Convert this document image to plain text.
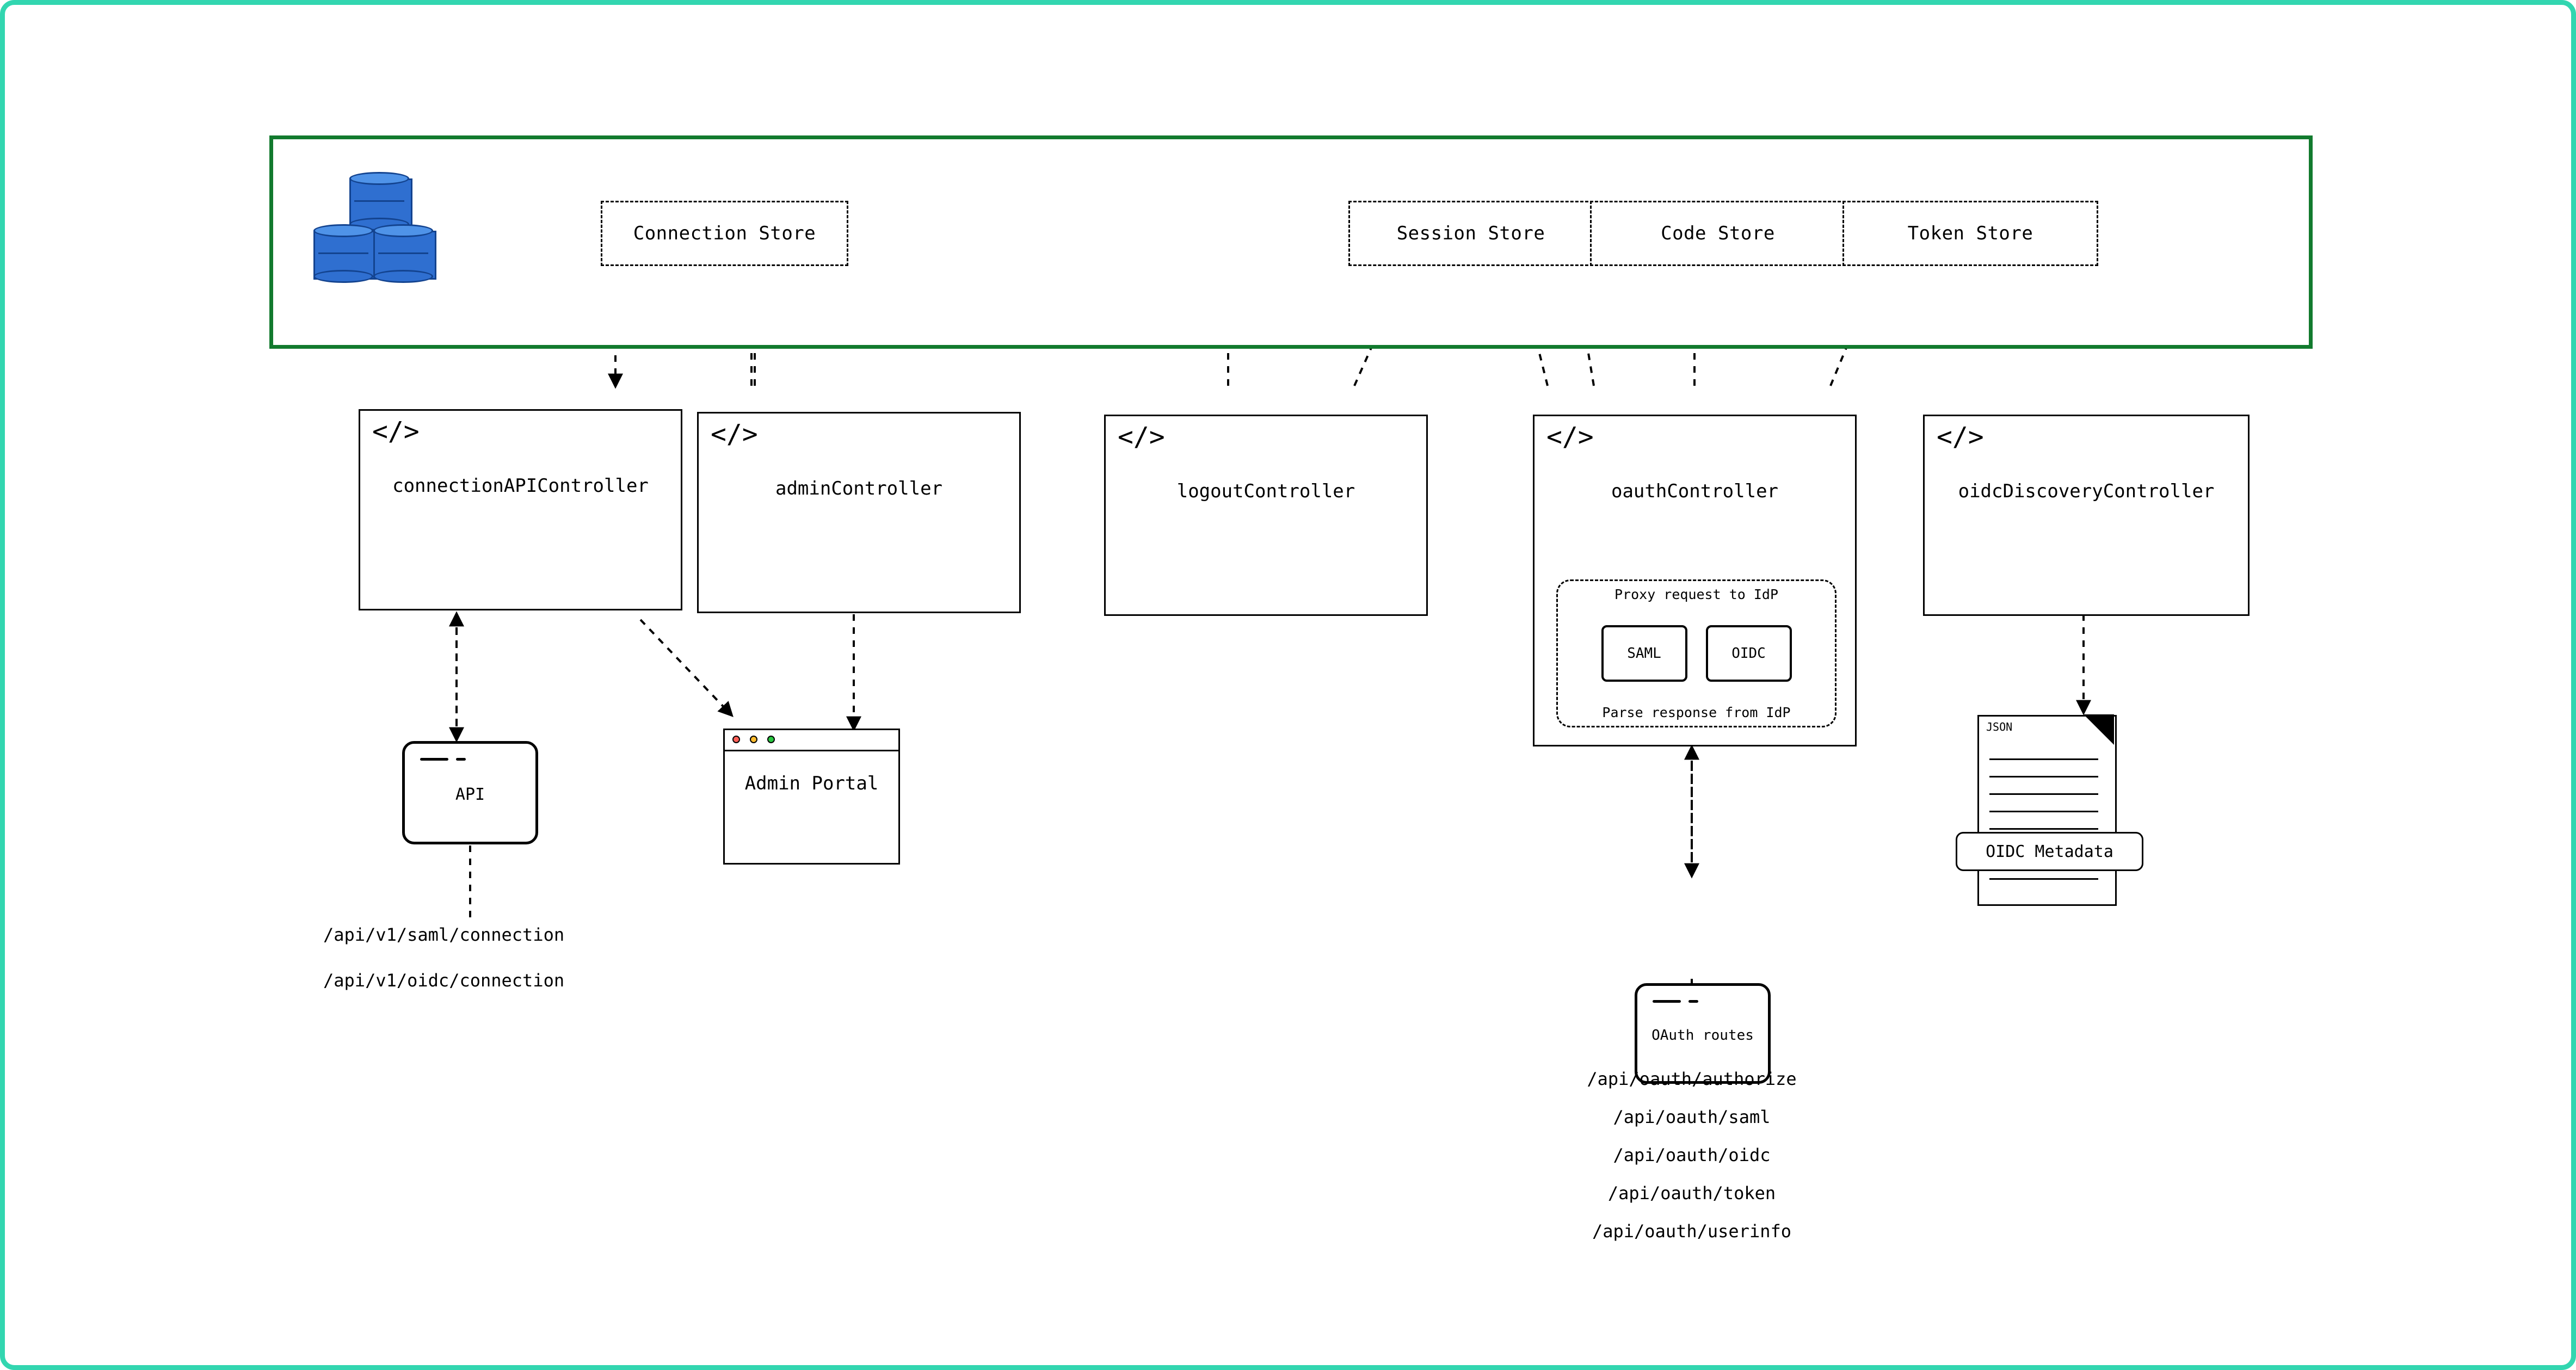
Connection Store	Session Store	Code Store	Token Store
</>
connectionAPIController
</>
adminController
</>
logoutController
</>
oauthController
Proxy request to IdP
SAML	OIDC
Parse response from IdP
</>
oidcDiscoveryController
API
/api/v1/saml/connection
/api/v1/oidc/connection
Admin Portal
OAuth routes
/api/oauth/authorize
/api/oauth/saml
/api/oauth/oidc
/api/oauth/token
/api/oauth/userinfo
JSON
OIDC Metadata
